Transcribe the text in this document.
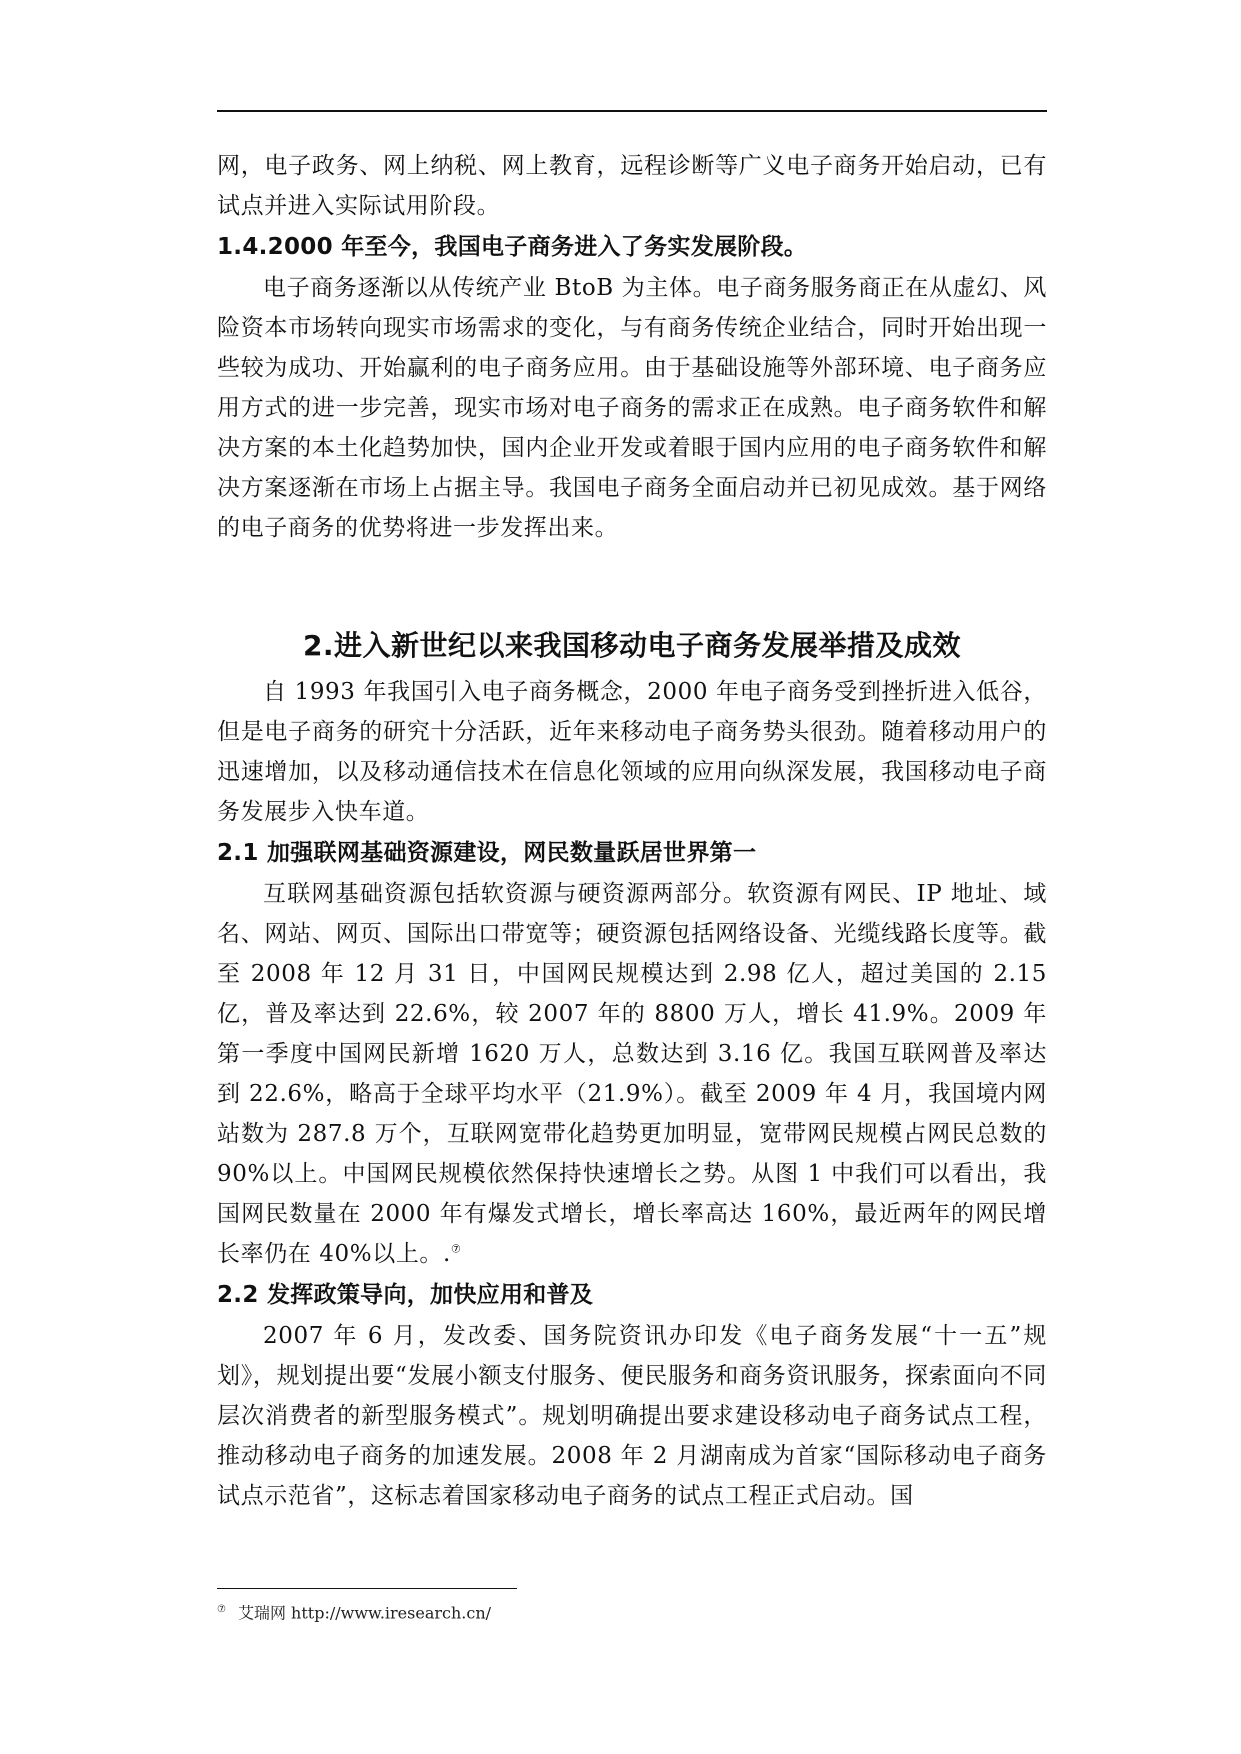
网，电子政务、网上纳税、网上教育，远程诊断等广义电子商务开始启动，已有试点并进入实际试用阶段。

1.4.2000 年至今，我国电子商务进入了务实发展阶段。

电子商务逐渐以从传统产业 BtoB 为主体。电子商务服务商正在从虚幻、风险资本市场转向现实市场需求的变化，与有商务传统企业结合，同时开始出现一些较为成功、开始赢利的电子商务应用。由于基础设施等外部环境、电子商务应用方式的进一步完善，现实市场对电子商务的需求正在成熟。电子商务软件和解决方案的本土化趋势加快，国内企业开发或着眼于国内应用的电子商务软件和解决方案逐渐在市场上占据主导。我国电子商务全面启动并已初见成效。基于网络的电子商务的优势将进一步发挥出来。

2.进入新世纪以来我国移动电子商务发展举措及成效

自 1993 年我国引入电子商务概念，2000 年电子商务受到挫折进入低谷，但是电子商务的研究十分活跃，近年来移动电子商务势头很劲。随着移动用户的迅速增加，以及移动通信技术在信息化领域的应用向纵深发展，我国移动电子商务发展步入快车道。

2.1 加强联网基础资源建设，网民数量跃居世界第一

互联网基础资源包括软资源与硬资源两部分。软资源有网民、IP 地址、域名、网站、网页、国际出口带宽等；硬资源包括网络设备、光缆线路长度等。截至 2008 年 12 月 31 日，中国网民规模达到 2.98 亿人，超过美国的 2.15 亿，普及率达到 22.6%，较 2007 年的 8800 万人，增长 41.9%。2009 年第一季度中国网民新增 1620 万人，总数达到 3.16 亿。我国互联网普及率达到 22.6%，略高于全球平均水平（21.9%）。截至 2009 年 4 月，我国境内网站数为 287.8 万个，互联网宽带化趋势更加明显，宽带网民规模占网民总数的 90%以上。中国网民规模依然保持快速增长之势。从图 1 中我们可以看出，我国网民数量在 2000 年有爆发式增长，增长率高达 160%，最近两年的网民增长率仍在 40%以上。.⑦

2.2 发挥政策导向，加快应用和普及

2007 年 6 月，发改委、国务院资讯办印发《电子商务发展“十一五”规划》，规划提出要“发展小额支付服务、便民服务和商务资讯服务，探索面向不同层次消费者的新型服务模式”。规划明确提出要求建设移动电子商务试点工程，推动移动电子商务的加速发展。2008 年 2 月湖南成为首家“国际移动电子商务试点示范省”，这标志着国家移动电子商务的试点工程正式启动。国

⑦ 艾瑞网 http://www.iresearch.cn/
